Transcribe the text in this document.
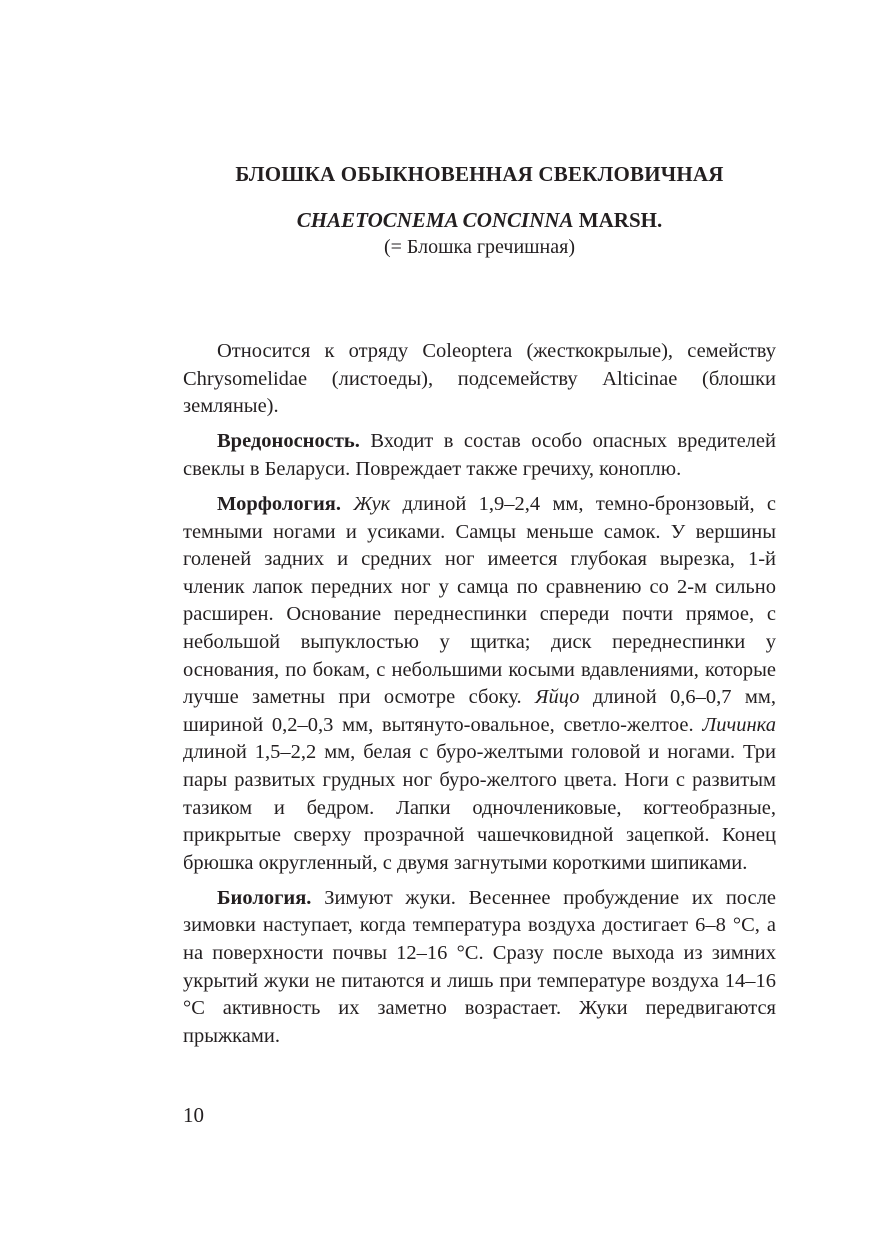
БЛОШКА ОБЫКНОВЕННАЯ СВЕКЛОВИЧНАЯ
CHAETOCNEMA CONCINNA MARSH.
(= Блошка гречишная)

Относится к отряду Coleoptera (жесткокрылые), семейству Chrysomelidae (листоеды), подсемейству Alticinae (блошки земляные).

Вредоносность. Входит в состав особо опасных вредителей свеклы в Беларуси. Повреждает также гречиху, коноплю.

Морфология. Жук длиной 1,9–2,4 мм, темно-бронзовый, с темными ногами и усиками. Самцы меньше самок. У вершины голеней задних и средних ног имеется глубокая вырезка, 1-й членик лапок передних ног у самца по сравнению со 2-м сильно расширен. Основание переднеспинки спереди почти прямое, с небольшой выпуклостью у щитка; диск переднеспинки у основания, по бокам, с небольшими косыми вдавлениями, которые лучше заметны при осмотре сбоку. Яйцо длиной 0,6–0,7 мм, шириной 0,2–0,3 мм, вытянуто-овальное, светло-желтое. Личинка длиной 1,5–2,2 мм, белая с буро-желтыми головой и ногами. Три пары развитых грудных ног буро-желтого цвета. Ноги с развитым тазиком и бедром. Лапки одночлениковые, когтеобразные, прикрытые сверху прозрачной чашечковидной зацепкой. Конец брюшка округленный, с двумя загнутыми короткими шипиками.

Биология. Зимуют жуки. Весеннее пробуждение их после зимовки наступает, когда температура воздуха достигает 6–8 °С, а на поверхности почвы 12–16 °С. Сразу после выхода из зимних укрытий жуки не питаются и лишь при температуре воздуха 14–16 °С активность их заметно возрастает. Жуки передвигаются прыжками.

10
